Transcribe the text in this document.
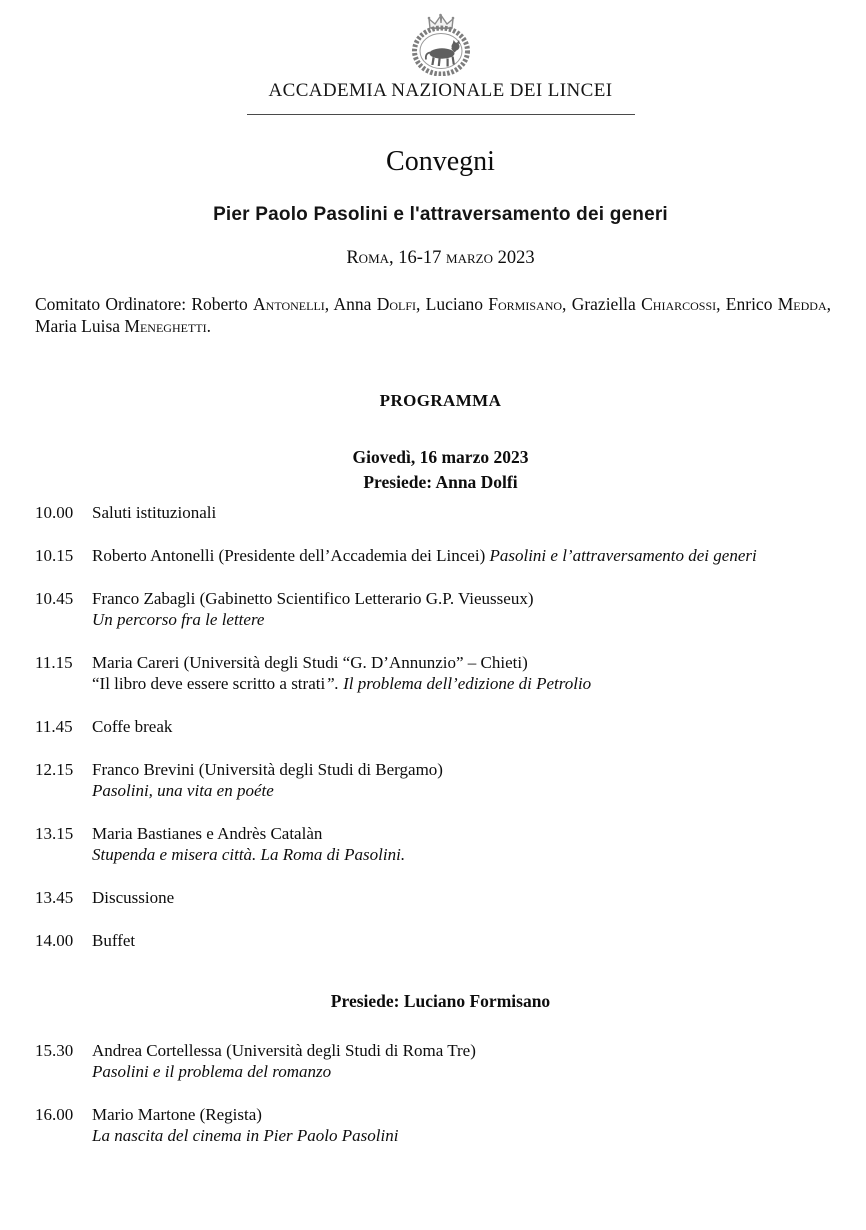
ACCADEMIA NAZIONALE DEI LINCEI
Convegni
Pier Paolo Pasolini e l'attraversamento dei generi
Roma, 16-17 marzo 2023

Comitato Ordinatore: Roberto Antonelli, Anna Dolfi, Luciano Formisano, Graziella Chiarcossi, Enrico Medda, Maria Luisa Meneghetti.

PROGRAMMA
Giovedì, 16 marzo 2023
Presiede: Anna Dolfi
10.00	Saluti istituzionali
10.15	Roberto Antonelli (Presidente dell’Accademia dei Lincei) Pasolini e l’attraversamento dei generi
10.45	Franco Zabagli (Gabinetto Scientifico Letterario G.P. Vieusseux)
Un percorso fra le lettere
11.15	Maria Careri (Università degli Studi “G. D’Annunzio” – Chieti)
“Il libro deve essere scritto a strati”. Il problema dell’edizione di Petrolio
11.45	Coffe break
12.15	Franco Brevini (Università degli Studi di Bergamo)
Pasolini, una vita en poéte
13.15	Maria Bastianes e Andrès Catalàn
Stupenda e misera città. La Roma di Pasolini.
13.45	Discussione
14.00	Buffet
Presiede: Luciano Formisano
15.30	Andrea Cortellessa (Università degli Studi di Roma Tre)
Pasolini e il problema del romanzo
16.00	Mario Martone (Regista)
La nascita del cinema in Pier Paolo Pasolini
